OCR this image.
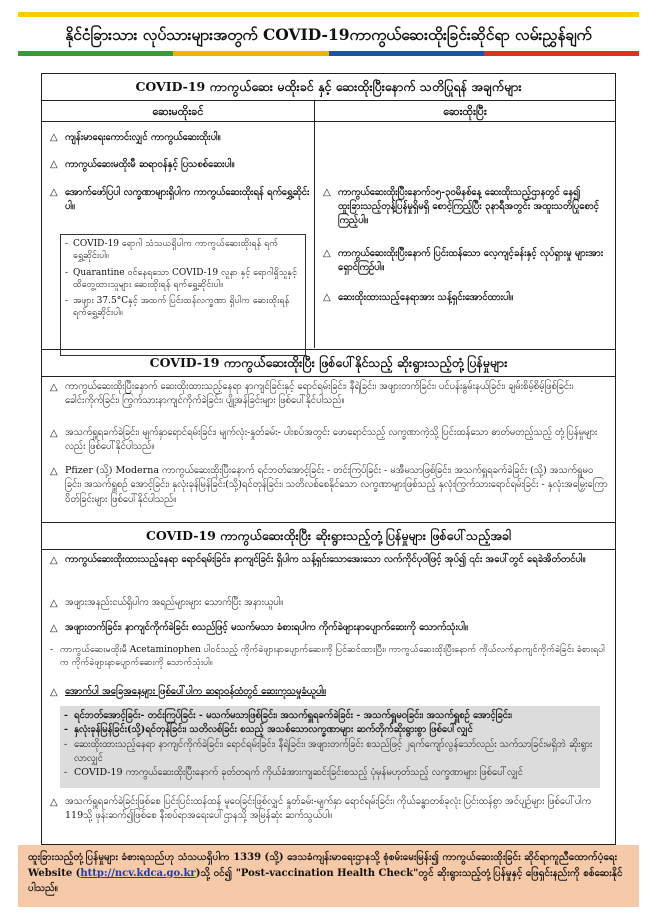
နိုင်ငံခြားသား လုပ်သားများအတွက် COVID-19ကာကွယ်ဆေးထိုးခြင်းဆိုင်ရာ လမ်းညွှန်ချက်
COVID-19 ကာကွယ်ဆေး မထိုးခင် နှင့် ဆေးထိုးပြီးနောက် သတိပြုရန် အချက်များ
ဆေးမထိုးခင်
△ ကျန်းမာရေးကောင်းလျှင် ကာကွယ်ဆေးထိုးပါ။
△ ကာကွယ်ဆေးမထိုးမီ ဆရာဝန်နှင့် ပြသစစ်ဆေးပါ။
△ အောက်ဖော်ပြပါ လက္ခဏာများရှိပါက ကာကွယ်ဆေးထိုးရန် ရက်ရွှေ့ဆိုင်းပါ။
- COVID-19 ရောဂါ သံသယရှိပါက ကာကွယ်ဆေးထိုးရန် ရက်ရွှေ့ဆိုင်းပါ။
- Quarantine ဝင်နေရသော COVID-19 လူနာ နှင့် ရောဂါရှိသူနှင့်ထိတွေ့ထားသူများ ဆေးထိုးရန် ရက်ရွှေ့ဆိုင်းပါ။
- အဖျား 37.5°Cနှင့် အထက် ပြင်းထန်လက္ခဏာ ရှိပါက ဆေးထိုးရန် ရက်ရွှေ့ဆိုင်းပါ။
ဆေးထိုးပြီး
△ ကာကွယ်ဆေးထိုးပြီးနောက်၁၅-၃၀မိနစ်နေ့ ဆေးထိုးသည့်ဌာနတွင် နေ၍ ထူးခြားသည့်တုန့်ပြန်မှုရှိမရှိ စောင့်ကြည့်ပြီး ၃နာရီအတွင်း အထူးသတိပြုစောင့်ကြည့်ပါ။
△ ကာကွယ်ဆေးထိုးပြီးနောက် ပြင်းထန်သော လေ့ကျင့်ခန်းနှင့် လုပ်ရှားမှု များအား ရှောင်ကြဉ်ပါ။
△ ဆေးထိုးထားသည့်နေရာအား သန့်ရှင်းအောင်ထားပါ။
COVID-19 ကာကွယ်ဆေးထိုးပြီး ဖြစ်ပေါ်နိုင်သည့် ဆိုးရွားသည့်တုံ့ပြန်မှုများ
△ ကာကွယ်ဆေးထိုးပြီးနောက် ဆေးထိုးထားသည့်နေရာ နာကျင်ခြင်းနှင့် ရောင်ရမ်းခြင်း၊ နီရဲခြင်း၊ အဖျားတက်ခြင်း၊ ပင်ပန်းနွမ်းနယ်ခြင်း၊ ချမ်းစိမ့်စိမ့်ဖြစ်ခြင်း၊ ခေါင်းကိုက်ခြင်း၊ ကြွက်သားနာကျင်ကိုက်ခဲခြင်း၊ ပျို့အန်ခြင်းများ ဖြစ်ပေါ်နိုင်ပါသည်။
△ အသက်ရှူရခက်ခဲခြင်း၊ မျက်နှာရောင်ရမ်းခြင်း၊ မျက်လုံး-နှုတ်ခမ်း- ပါးစပ်အတွင်း ဖောရောင်သည့် လက္ခဏာကဲ့သို့ ပြင်းထန်သော ဓာတ်မတည့်သည့် တုံ့ပြန်မှုများလည်း ဖြစ်ပေါ်နိုင်ပါသည်။
△ Pfizer (သို့) Moderna ကာကွယ်ဆေးထိုးပြီးနောက် ရင်ဘတ်အောင့်ခြင်း - တင်းကြပ်ခြင်း - မအီမသာဖြစ်ခြင်း၊ အသက်ရှူရခက်ခဲခြင်း (သို့) အသက်ရှူမဝခြင်း၊ အသက်ရှူစဉ် အောင့်ခြင်း၊ နှလုံးခုန်မြန်ခြင်း(သို့)ရင်တုန်ခြင်း၊ သတိလစ်စေနိုင်သော လက္ခဏာများဖြစ်သည့် နှလုံးကြွက်သားရောင်ရမ်းခြင်း - နှလုံးအမြှေးကြောဝိတ်ခြင်းများ ဖြစ်ပေါ်နိုင်ပါသည်။
COVID-19 ကာကွယ်ဆေးထိုးပြီး ဆိုးရွားသည့်တုံ့ပြန်မှုများ ဖြစ်ပေါ်သည့်အခါ
△ ကာကွယ်ဆေးထိုးထားသည့်နေရာ ရောင်ရမ်းခြင်း၊ နာကျင်ခြင်း ရှိပါက သန့်ရှင်းသောအေးသော လက်ကိုင်ပုဝါဖြင့် အုပ်၍ ၎င်း အပေါ်တွင် ရေခဲအိတ်တင်ပါ။
△ အဖျားအနည်းငယ်ရှိပါက အရည်များများ သောက်ပြီး အနားယူပါ။
△ အဖျားတက်ခြင်း၊ နာကျင်ကိုက်ခဲခြင်း စသည်ဖြင့် မသက်မသာ ခံစားရပါက ကိုက်ခဲဖျားနာပျောက်ဆေးကို သောက်သုံးပါ။
- ကာကွယ်ဆေးမထိုးမီ Acetaminophen ပါဝင်သည့် ကိုက်ခဲဖျားနာပျောက်ဆေးကို ပြင်ဆင်ထားပြီး၊ ကာကွယ်ဆေးထိုးပြီးနောက် ကိုယ်လက်နာကျင်ကိုက်ခဲခြင်း ခံစားရပါက ကိုက်ခဲဖျားနာပျောက်ဆေးကို သောက်သုံးပါ။
△ အောက်ပါ အခြေအနေများ ဖြစ်ပေါ်ပါက ဆရာဝန်ထံတွင် ဆေးကုသမှုခံယူပါ။
- ရင်ဘတ်အောင့်ခြင်း- တင်းကြပ်ခြင်း - မသက်မသာဖြစ်ခြင်း၊ အသက်ရှူရခက်ခဲခြင်း - အသက်ရှူမဝခြင်း၊ အသက်ရှူစဉ် အောင့်ခြင်း၊
- နှလုံးခုန်မြန်ခြင်း(သို့)ရင်တုန်ခြင်း၊ သတိလစ်ခြင်း စသည့် အသစ်သောလက္ခဏာများ ဆက်တိုက်ဆိုးရွားစွာ ဖြစ်ပေါ်လျှင်
- ဆေးထိုးထားသည့်နေရာ နာကျင်ကိုက်ခဲခြင်း၊ ရောင်ရမ်းခြင်း၊ နီရဲခြင်း၊ အဖျားတက်ခြင်း စသည်ဖြင့် ၂ရက်ကျော်လွန်သော်လည်း သက်သာခြင်းမရှိဘဲ ဆိုးရွားလာလျှင်
- COVID-19 ကာကွယ်ဆေးထိုးပြီးနောက် ခုတ်တရက် ကိုယ်ခံအားကျဆင်းခြင်းစသည့် ပုံမှန်မဟုတ်သည့် လက္ခဏာများ ဖြစ်ပေါ်လျှင်
△ အသက်ရှူရခက်ခဲခြင်းဖြစ်စေ ပြင်းပြင်းထန်ထန် မူဝေခြင်းဖြစ်လျှင် နှုတ်ခမ်း-မျက်နှာ ရောင်ရမ်းခြင်း၊ ကိုယ်ခန္ဓာတစ်ခုလုံး ပြင်းထန်စွာ အင်ပျဉ်များ ဖြစ်ပေါ်ပါက 119သို့ ဖုန်းဆက်၍ဖြစ်စေ နီးစပ်ရာအရေးပေါ်ဌာနသို့ အမြန်ဆုံး ဆက်သွယ်ပါ။
ထူးခြားသည့်တုံ့ပြန်မှုများ ခံစားရသည်ဟု သံသယရှိပါက 1339 (သို့) ဒေသခံကျန်းမာရေးဌာနသို့ စုံစမ်းမေးမြန်း၍ ကာကွယ်ဆေးထိုးခြင်း ဆိုင်ရာကူညီထောက်ပံ့ရေး Website (http://ncv.kdca.go.kr)သို့ ဝင်၍ "Post-vaccination Health Check"တွင် ဆိုးရွားသည့်တုံ့ပြန်မှုနှင့် ဖြေရှင်းနည်းကို စစ်ဆေးနိုင်ပါသည်။
